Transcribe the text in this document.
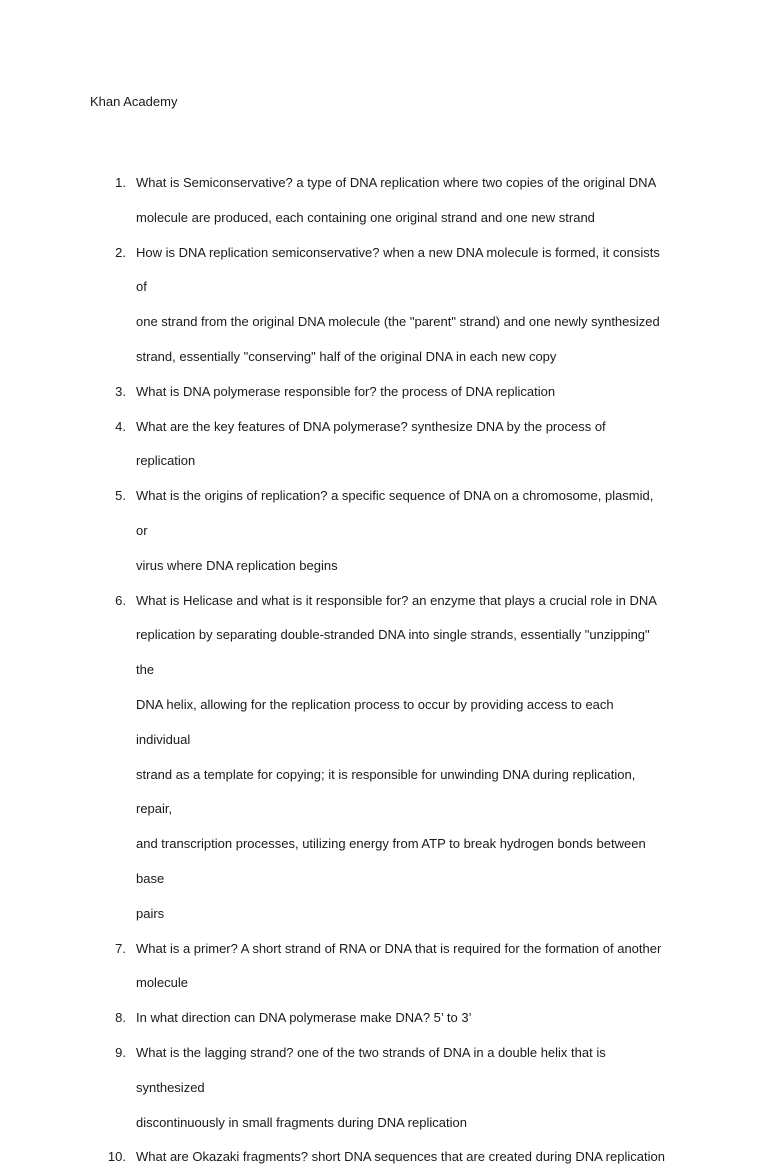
Khan Academy
1. What is Semiconservative? a type of DNA replication where two copies of the original DNA
molecule are produced, each containing one original strand and one new strand
2. How is DNA replication semiconservative? when a new DNA molecule is formed, it consists of
one strand from the original DNA molecule (the "parent" strand) and one newly synthesized
strand, essentially "conserving" half of the original DNA in each new copy
3. What is DNA polymerase responsible for? the process of DNA replication
4. What are the key features of DNA polymerase? synthesize DNA by the process of replication
5. What is the origins of replication? a specific sequence of DNA on a chromosome, plasmid, or
virus where DNA replication begins
6. What is Helicase and what is it responsible for? an enzyme that plays a crucial role in DNA
replication by separating double-stranded DNA into single strands, essentially "unzipping" the
DNA helix, allowing for the replication process to occur by providing access to each individual
strand as a template for copying; it is responsible for unwinding DNA during replication, repair,
and transcription processes, utilizing energy from ATP to break hydrogen bonds between base
pairs
7. What is a primer? A short strand of RNA or DNA that is required for the formation of another
molecule
8. In what direction can DNA polymerase make DNA? 5’ to 3’
9. What is the lagging strand? one of the two strands of DNA in a double helix that is synthesized
discontinuously in small fragments during DNA replication
10. What are Okazaki fragments? short DNA sequences that are created during DNA replication
